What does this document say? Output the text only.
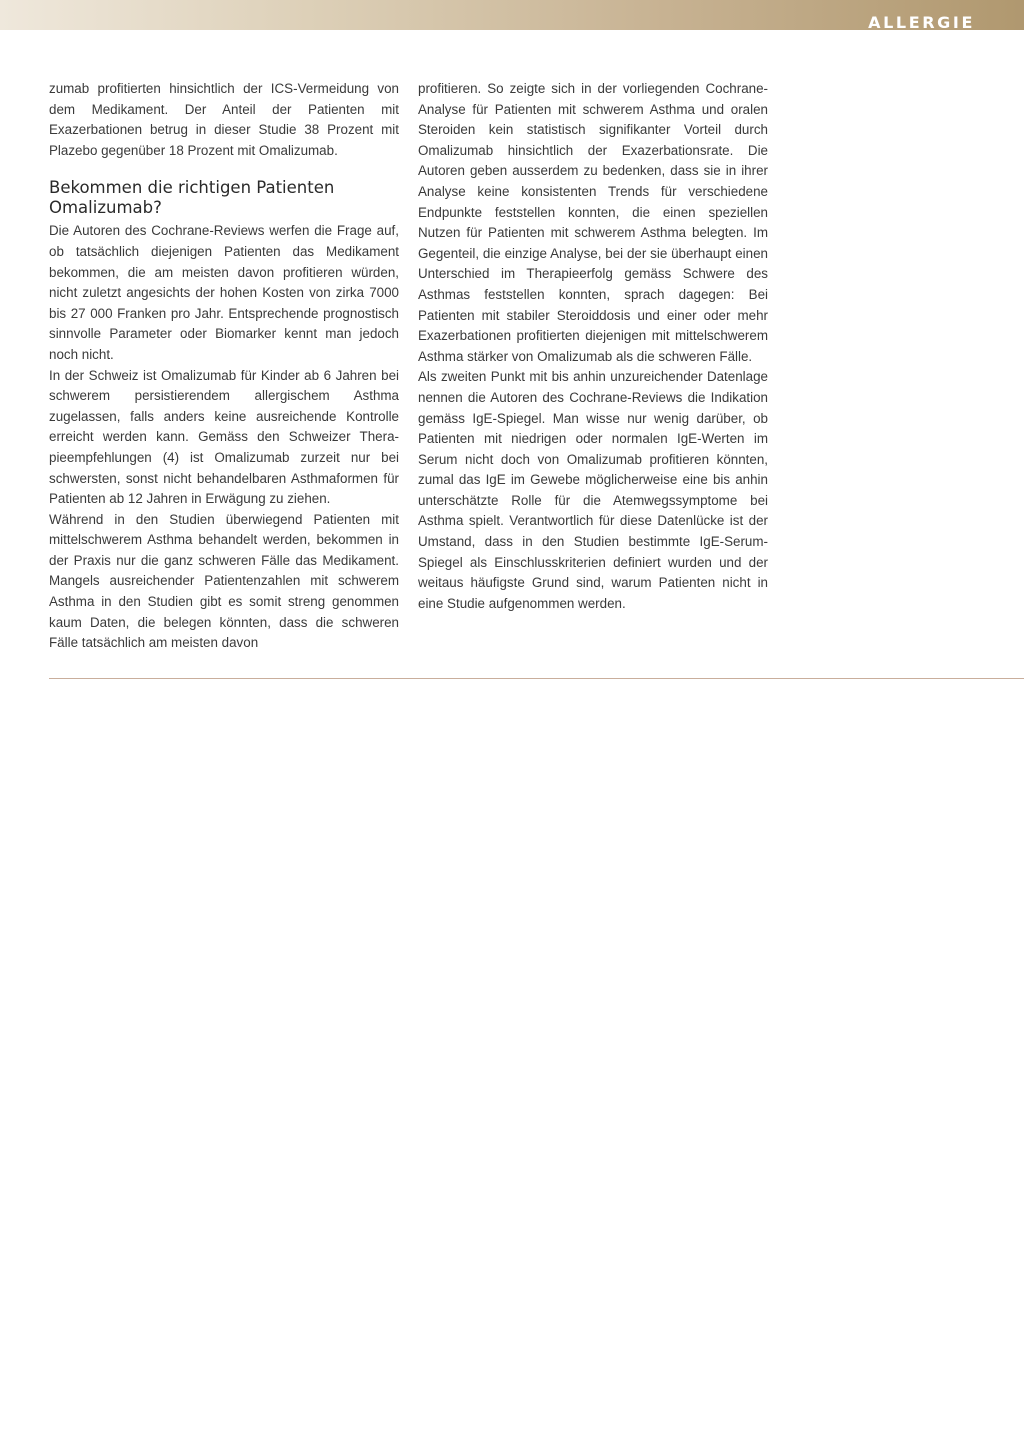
ALLERGIE

zumab profitierten hinsichtlich der ICS-Vermeidung von dem Medikament. Der Anteil der Patienten mit Exazerbationen betrug in dieser Studie 38 Prozent mit Plazebo gegenüber 18 Prozent mit Omalizumab.

Bekommen die richtigen Patienten Omalizumab?

Die Autoren des Cochrane-Reviews werfen die Frage auf, ob tatsächlich diejenigen Patienten das Medikament bekommen, die am meisten davon profitieren würden, nicht zuletzt angesichts der hohen Kosten von zirka 7000 bis 27 000 Franken pro Jahr. Entsprechende prognostisch sinnvolle Parameter oder Biomarker kennt man jedoch noch nicht.

In der Schweiz ist Omalizumab für Kinder ab 6 Jahren bei schwerem persistierendem allergischem Asthma zugelassen, falls anders keine ausreichende Kontrolle erreicht werden kann. Gemäss den Schweizer Therapieempfehlungen (4) ist Omalizumab zurzeit nur bei schwersten, sonst nicht behandelbaren Asthmaformen für Patienten ab 12 Jahren in Erwägung zu ziehen.

Während in den Studien überwiegend Patienten mit mittelschwerem Asthma behandelt werden, bekommen in der Praxis nur die ganz schweren Fälle das Medikament. Mangels ausreichender Patientenzahlen mit schwerem Asthma in den Studien gibt es somit streng genommen kaum Daten, die belegen könnten, dass die schweren Fälle tatsächlich am meisten davon

profitieren. So zeigte sich in der vorliegenden Cochrane-Analyse für Patienten mit schwerem Asthma und oralen Steroiden kein statistisch signifikanter Vorteil durch Omalizumab hinsichtlich der Exazerbationsrate. Die Autoren geben ausserdem zu bedenken, dass sie in ihrer Analyse keine konsistenten Trends für verschiedene Endpunkte feststellen konnten, die einen speziellen Nutzen für Patienten mit schwerem Asthma belegten. Im Gegenteil, die einzige Analyse, bei der sie überhaupt einen Unterschied im Therapieerfolg gemäss Schwere des Asthmas feststellen konnten, sprach dagegen: Bei Patienten mit stabiler Steroiddosis und einer oder mehr Exazerbationen profitierten diejenigen mit mittelschwerem Asthma stärker von Omalizumab als die schweren Fälle.

Als zweiten Punkt mit bis anhin unzureichender Datenlage nennen die Autoren des Cochrane-Reviews die Indikation gemäss IgE-Spiegel. Man wisse nur wenig darüber, ob Patienten mit niedrigen oder normalen IgE-Werten im Serum nicht doch von Omalizumab profitieren könnten, zumal das IgE im Gewebe möglicherweise eine bis anhin unterschätzte Rolle für die Atemwegssymptome bei Asthma spielt. Verantwortlich für diese Datenlücke ist der Umstand, dass in den Studien bestimmte IgE-Serum-Spiegel als Einschlusskriterien definiert wurden und der weitaus häufigste Grund sind, warum Patienten nicht in eine Studie aufgenommen werden.
